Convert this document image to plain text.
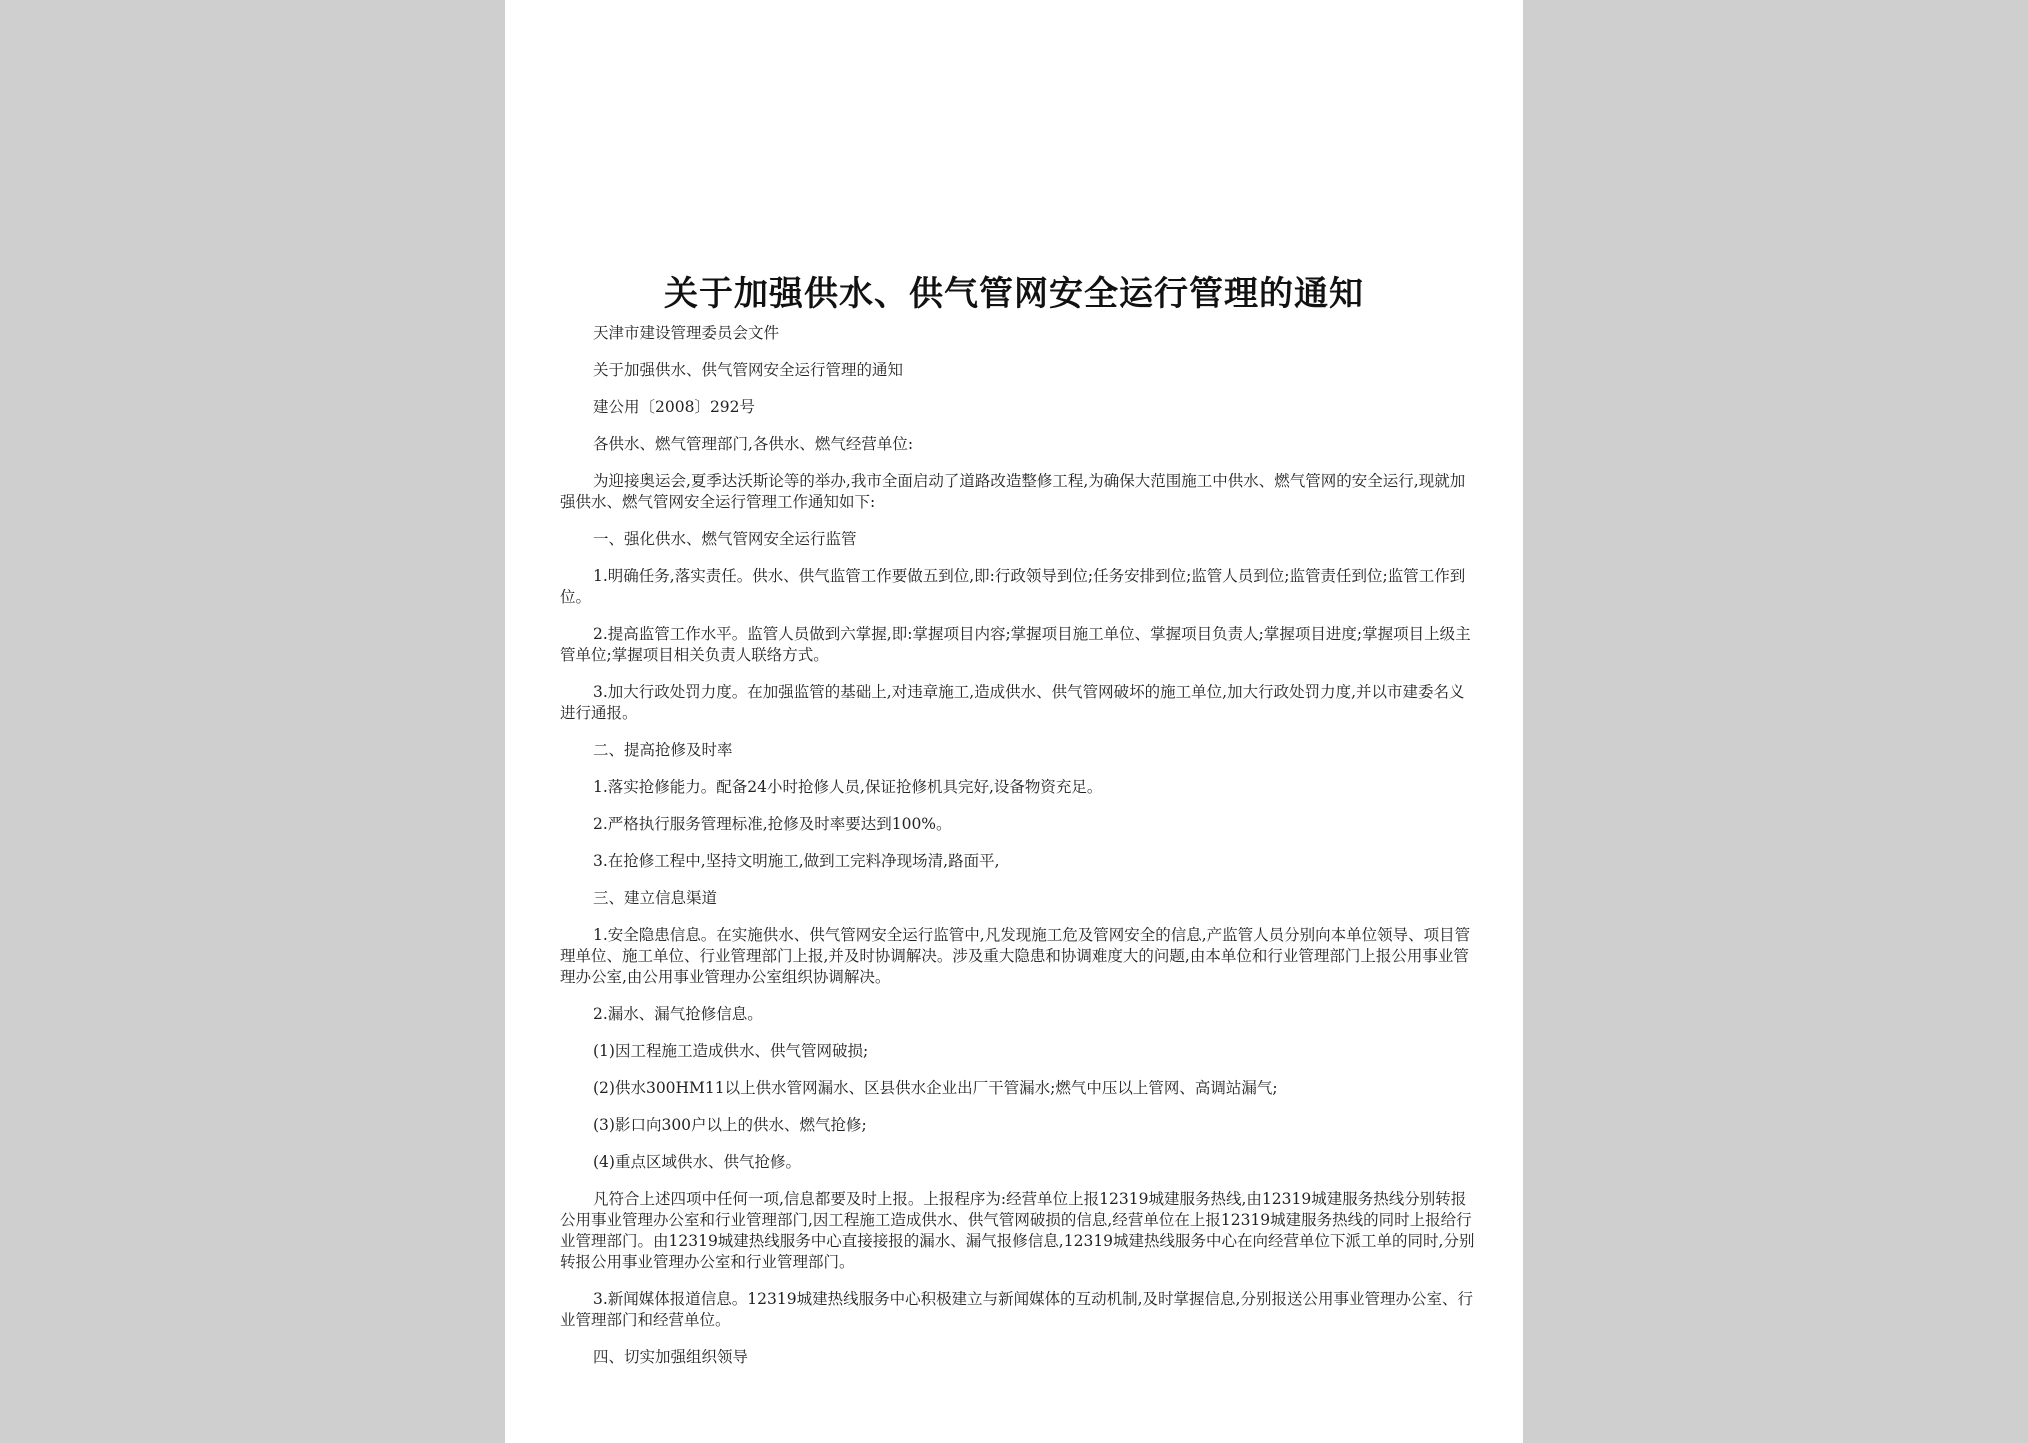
关于加强供水、供气管网安全运行管理的通知

天津市建设管理委员会文件

关于加强供水、供气管网安全运行管理的通知

建公用〔2008〕292号

各供水、燃气管理部门,各供水、燃气经营单位:

为迎接奥运会,夏季达沃斯论等的举办,我市全面启动了道路改造整修工程,为确保大范围施工中供水、燃气管网的安全运行,现就加强供水、燃气管网安全运行管理工作通知如下:

一、强化供水、燃气管网安全运行监管

1.明确任务,落实责任。供水、供气监管工作要做五到位,即:行政领导到位;任务安排到位;监管人员到位;监管责任到位;监管工作到位。

2.提高监管工作水平。监管人员做到六掌握,即:掌握项目内容;掌握项目施工单位、掌握项目负责人;掌握项目进度;掌握项目上级主管单位;掌握项目相关负责人联络方式。

3.加大行政处罚力度。在加强监管的基础上,对违章施工,造成供水、供气管网破坏的施工单位,加大行政处罚力度,并以市建委名义进行通报。

二、提高抢修及时率

1.落实抢修能力。配备24小时抢修人员,保证抢修机具完好,设备物资充足。

2.严格执行服务管理标准,抢修及时率要达到100%。

3.在抢修工程中,坚持文明施工,做到工完料净现场清,路面平,

三、建立信息渠道

1.安全隐患信息。在实施供水、供气管网安全运行监管中,凡发现施工危及管网安全的信息,产监管人员分别向本单位领导、项目管理单位、施工单位、行业管理部门上报,并及时协调解决。涉及重大隐患和协调难度大的问题,由本单位和行业管理部门上报公用事业管理办公室,由公用事业管理办公室组织协调解决。

2.漏水、漏气抢修信息。

(1)因工程施工造成供水、供气管网破损;

(2)供水300HM11以上供水管网漏水、区县供水企业出厂干管漏水;燃气中压以上管网、高调站漏气;

(3)影口向300户以上的供水、燃气抢修;

(4)重点区域供水、供气抢修。

凡符合上述四项中任何一项,信息都要及时上报。上报程序为:经营单位上报12319城建服务热线,由12319城建服务热线分别转报公用事业管理办公室和行业管理部门,因工程施工造成供水、供气管网破损的信息,经营单位在上报12319城建服务热线的同时上报给行业管理部门。由12319城建热线服务中心直接接报的漏水、漏气报修信息,12319城建热线服务中心在向经营单位下派工单的同时,分别转报公用事业管理办公室和行业管理部门。

3.新闻媒体报道信息。12319城建热线服务中心积极建立与新闻媒体的互动机制,及时掌握信息,分别报送公用事业管理办公室、行业管理部门和经营单位。

四、切实加强组织领导
